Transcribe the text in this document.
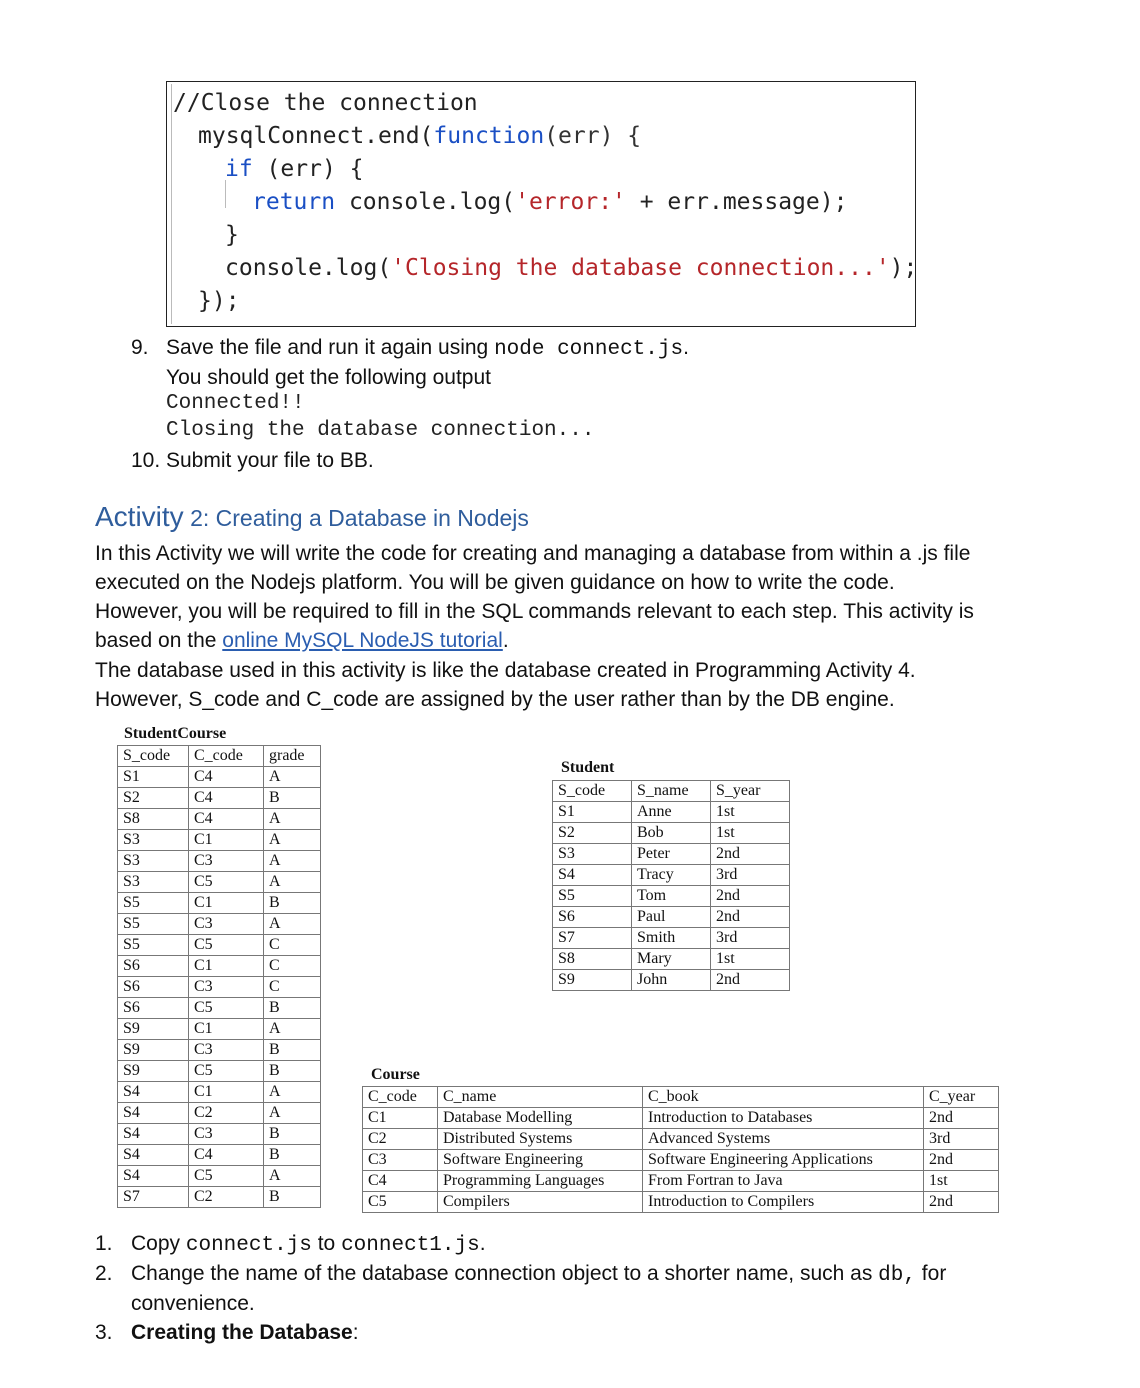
//Close the connection
mysqlConnect.end(function(err) {
if (err) {
return console.log('error:' + err.message);
}
console.log('Closing the database connection...');
});
9. Save the file and run it again using node connect.js.
You should get the following output
Connected!!
Closing the database connection...
10. Submit your file to BB.
Activity 2: Creating a Database in Nodejs
In this Activity we will write the code for creating and managing a database from within a .js file
executed on the Nodejs platform. You will be given guidance on how to write the code.
However, you will be required to fill in the SQL commands relevant to each step. This activity is
based on the online MySQL NodeJS tutorial.
The database used in this activity is like the database created in Programming Activity 4.
However, S_code and C_code are assigned by the user rather than by the DB engine.
StudentCourse
S_code	C_code	grade
S1	C4	A
S2	C4	B
S8	C4	A
S3	C1	A
S3	C3	A
S3	C5	A
S5	C1	B
S5	C3	A
S5	C5	C
S6	C1	C
S6	C3	C
S6	C5	B
S9	C1	A
S9	C3	B
S9	C5	B
S4	C1	A
S4	C2	A
S4	C3	B
S4	C4	B
S4	C5	A
S7	C2	B
Student
S_code	S_name	S_year
S1	Anne	1st
S2	Bob	1st
S3	Peter	2nd
S4	Tracy	3rd
S5	Tom	2nd
S6	Paul	2nd
S7	Smith	3rd
S8	Mary	1st
S9	John	2nd
Course
C_code	C_name	C_book	C_year
C1	Database Modelling	Introduction to Databases	2nd
C2	Distributed Systems	Advanced Systems	3rd
C3	Software Engineering	Software Engineering Applications	2nd
C4	Programming Languages	From Fortran to Java	1st
C5	Compilers	Introduction to Compilers	2nd
1. Copy connect.js to connect1.js.
2. Change the name of the database connection object to a shorter name, such as db, for
convenience.
3. Creating the Database:
